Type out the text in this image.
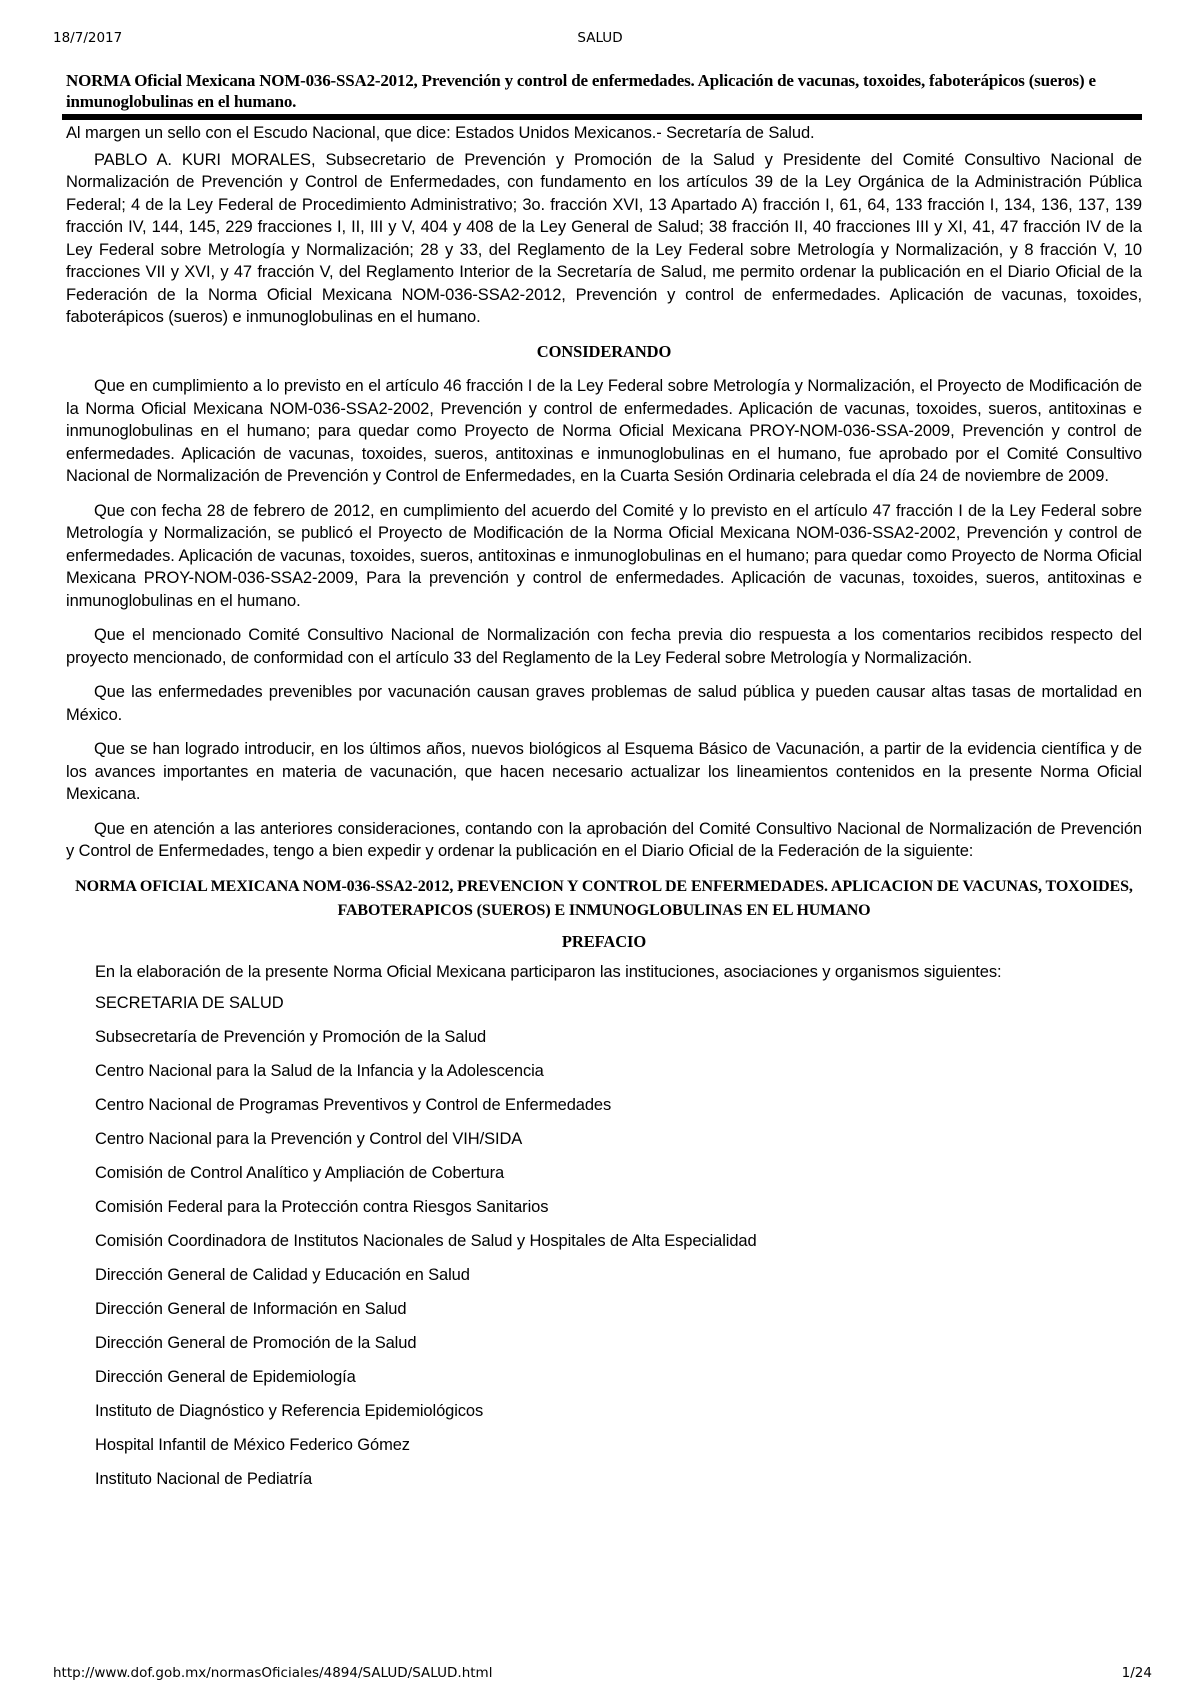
18/7/2017	SALUD
NORMA Oficial Mexicana NOM-036-SSA2-2012, Prevención y control de enfermedades. Aplicación de vacunas, toxoides, faboterápicos (sueros) e inmunoglobulinas en el humano.

Al margen un sello con el Escudo Nacional, que dice: Estados Unidos Mexicanos.- Secretaría de Salud.

PABLO A. KURI MORALES, Subsecretario de Prevención y Promoción de la Salud y Presidente del Comité Consultivo Nacional de Normalización de Prevención y Control de Enfermedades, con fundamento en los artículos 39 de la Ley Orgánica de la Administración Pública Federal; 4 de la Ley Federal de Procedimiento Administrativo; 3o. fracción XVI, 13 Apartado A) fracción I, 61, 64, 133 fracción I, 134, 136, 137, 139 fracción IV, 144, 145, 229 fracciones I, II, III y V, 404 y 408 de la Ley General de Salud; 38 fracción II, 40 fracciones III y XI, 41, 47 fracción IV de la Ley Federal sobre Metrología y Normalización; 28 y 33, del Reglamento de la Ley Federal sobre Metrología y Normalización, y 8 fracción V, 10 fracciones VII y XVI, y 47 fracción V, del Reglamento Interior de la Secretaría de Salud, me permito ordenar la publicación en el Diario Oficial de la Federación de la Norma Oficial Mexicana NOM-036-SSA2-2012, Prevención y control de enfermedades. Aplicación de vacunas, toxoides, faboterápicos (sueros) e inmunoglobulinas en el humano.

CONSIDERANDO

Que en cumplimiento a lo previsto en el artículo 46 fracción I de la Ley Federal sobre Metrología y Normalización, el Proyecto de Modificación de la Norma Oficial Mexicana NOM-036-SSA2-2002, Prevención y control de enfermedades. Aplicación de vacunas, toxoides, sueros, antitoxinas e inmunoglobulinas en el humano; para quedar como Proyecto de Norma Oficial Mexicana PROY-NOM-036-SSA-2009, Prevención y control de enfermedades. Aplicación de vacunas, toxoides, sueros, antitoxinas e inmunoglobulinas en el humano, fue aprobado por el Comité Consultivo Nacional de Normalización de Prevención y Control de Enfermedades, en la Cuarta Sesión Ordinaria celebrada el día 24 de noviembre de 2009.

Que con fecha 28 de febrero de 2012, en cumplimiento del acuerdo del Comité y lo previsto en el artículo 47 fracción I de la Ley Federal sobre Metrología y Normalización, se publicó el Proyecto de Modificación de la Norma Oficial Mexicana NOM-036-SSA2-2002, Prevención y control de enfermedades. Aplicación de vacunas, toxoides, sueros, antitoxinas e inmunoglobulinas en el humano; para quedar como Proyecto de Norma Oficial Mexicana PROY-NOM-036-SSA2-2009, Para la prevención y control de enfermedades. Aplicación de vacunas, toxoides, sueros, antitoxinas e inmunoglobulinas en el humano.

Que el mencionado Comité Consultivo Nacional de Normalización con fecha previa dio respuesta a los comentarios recibidos respecto del proyecto mencionado, de conformidad con el artículo 33 del Reglamento de la Ley Federal sobre Metrología y Normalización.

Que las enfermedades prevenibles por vacunación causan graves problemas de salud pública y pueden causar altas tasas de mortalidad en México.

Que se han logrado introducir, en los últimos años, nuevos biológicos al Esquema Básico de Vacunación, a partir de la evidencia científica y de los avances importantes en materia de vacunación, que hacen necesario actualizar los lineamientos contenidos en la presente Norma Oficial Mexicana.

Que en atención a las anteriores consideraciones, contando con la aprobación del Comité Consultivo Nacional de Normalización de Prevención y Control de Enfermedades, tengo a bien expedir y ordenar la publicación en el Diario Oficial de la Federación de la siguiente:

NORMA OFICIAL MEXICANA NOM-036-SSA2-2012, PREVENCION Y CONTROL DE ENFERMEDADES. APLICACION DE VACUNAS, TOXOIDES, FABOTERAPICOS (SUEROS) E INMUNOGLOBULINAS EN EL HUMANO

PREFACIO

En la elaboración de la presente Norma Oficial Mexicana participaron las instituciones, asociaciones y organismos siguientes:

SECRETARIA DE SALUD
Subsecretaría de Prevención y Promoción de la Salud
Centro Nacional para la Salud de la Infancia y la Adolescencia
Centro Nacional de Programas Preventivos y Control de Enfermedades
Centro Nacional para la Prevención y Control del VIH/SIDA
Comisión de Control Analítico y Ampliación de Cobertura
Comisión Federal para la Protección contra Riesgos Sanitarios
Comisión Coordinadora de Institutos Nacionales de Salud y Hospitales de Alta Especialidad
Dirección General de Calidad y Educación en Salud
Dirección General de Información en Salud
Dirección General de Promoción de la Salud
Dirección General de Epidemiología
Instituto de Diagnóstico y Referencia Epidemiológicos
Hospital Infantil de México Federico Gómez
Instituto Nacional de Pediatría
http://www.dof.gob.mx/normasOficiales/4894/SALUD/SALUD.html	1/24
